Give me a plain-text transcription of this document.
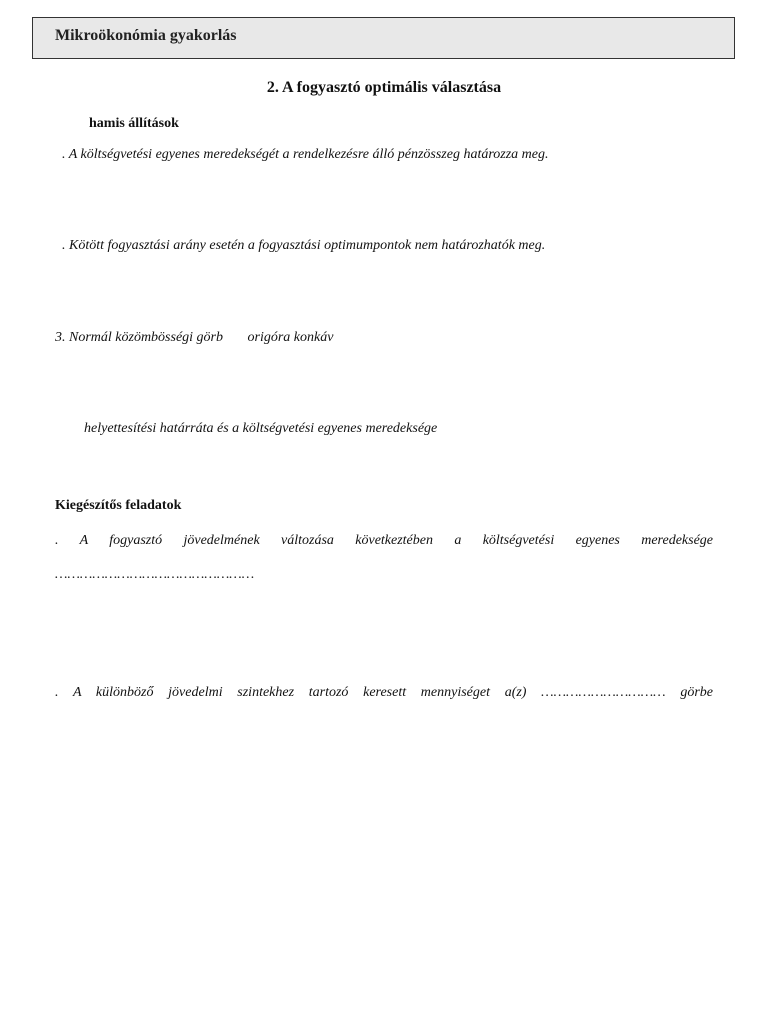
Mikroökonómia gyakorlás
2. A fogyasztó optimális választása
hamis állítások
. A költségvetési egyenes meredekségét a rendelkezésre álló pénzösszeg határozza meg.
. Kötött fogyasztási arány esetén a fogyasztási optimumpontok nem határozhatók meg.
3. Normál közömbösségi görb       origóra konkáv
helyettesítési határráta és a költségvetési egyenes meredeksége
Kiegészítős feladatok
. A fogyasztó jövedelmének változása következtében a költségvetési egyenes meredeksége
…………………………………………
. A különböző jövedelmi szintekhez tartozó keresett mennyiséget a(z) ………………………… görbe
